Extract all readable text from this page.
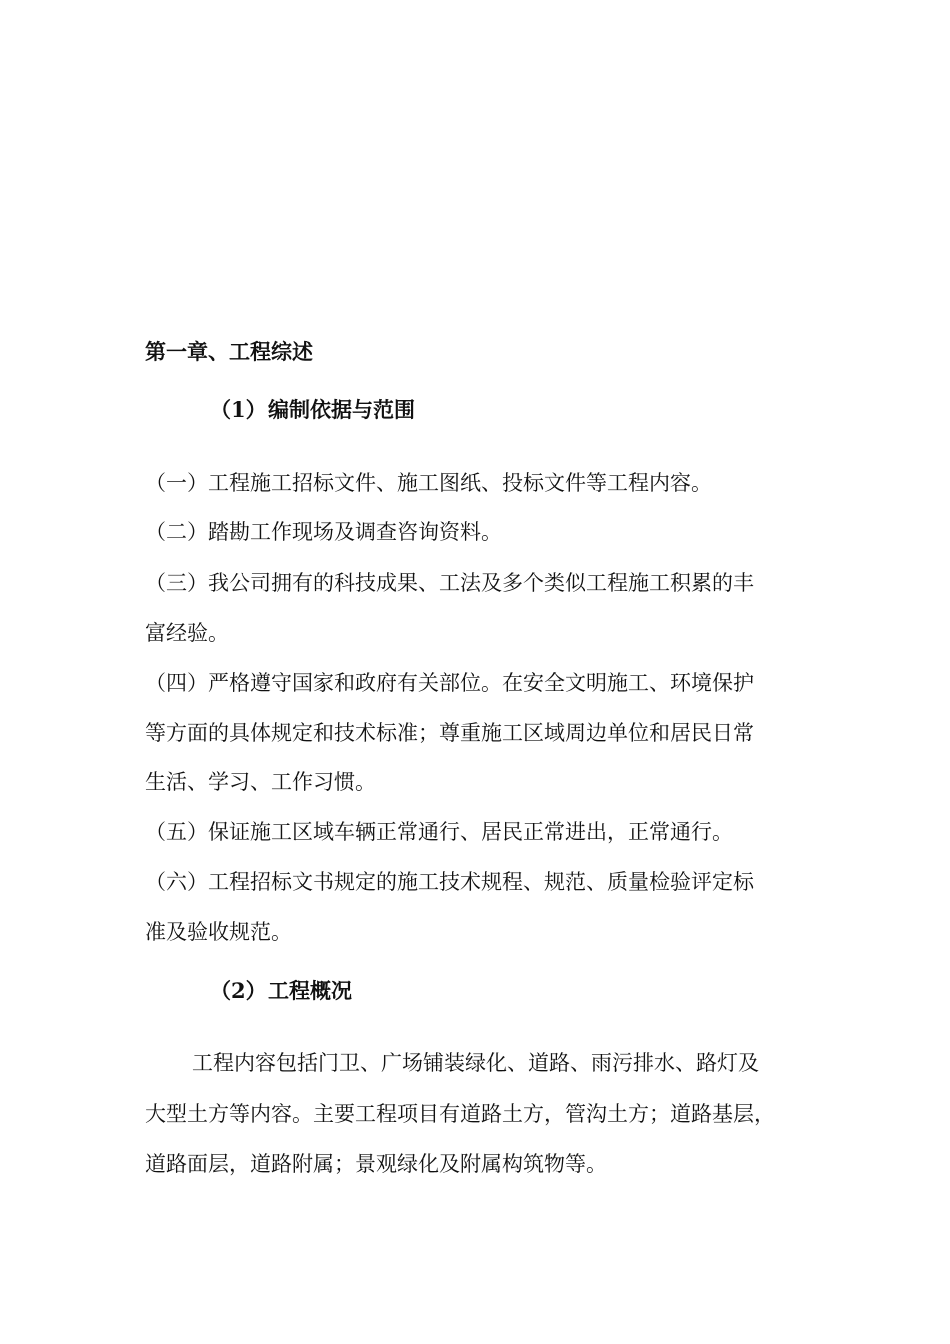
第一章、工程综述
（1）编制依据与范围
（一）工程施工招标文件、施工图纸、投标文件等工程内容。
（二）踏勘工作现场及调查咨询资料。
（三）我公司拥有的科技成果、工法及多个类似工程施工积累的丰
富经验。
（四）严格遵守国家和政府有关部位。在安全文明施工、环境保护
等方面的具体规定和技术标准；尊重施工区域周边单位和居民日常
生活、学习、工作习惯。
（五）保证施工区域车辆正常通行、居民正常进出，正常通行。
（六）工程招标文书规定的施工技术规程、规范、质量检验评定标
准及验收规范。
（2）工程概况
工程内容包括门卫、广场铺装绿化、道路、雨污排水、路灯及
大型土方等内容。主要工程项目有道路土方，管沟土方；道路基层，
道路面层，道路附属；景观绿化及附属构筑物等。
